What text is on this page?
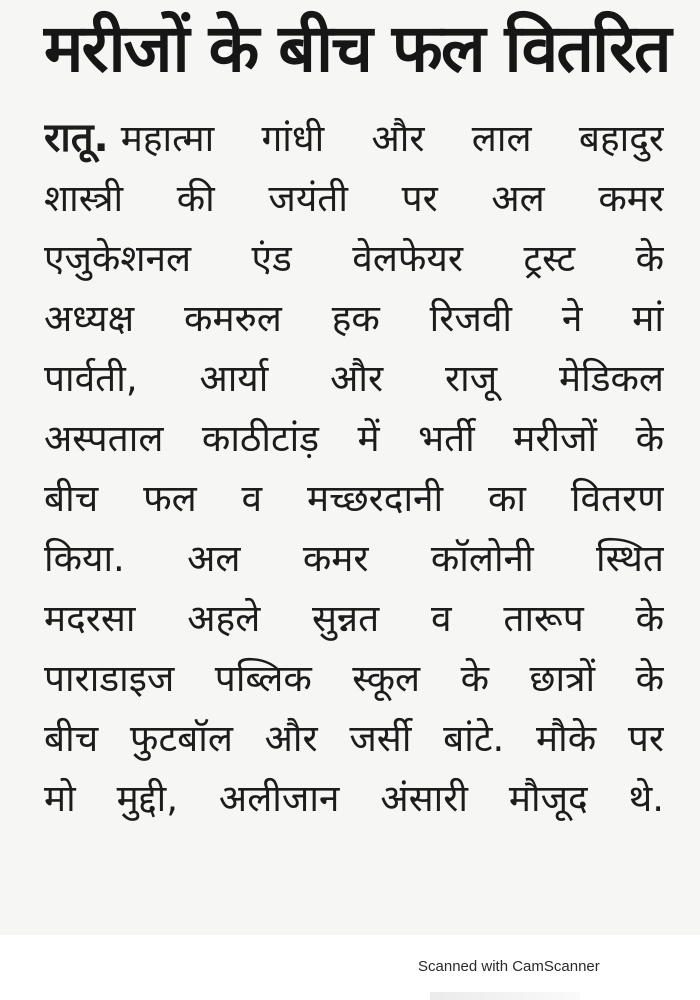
मरीजों के बीच फल वितरित
रातू. महात्मा गांधी और लाल बहादुर
शास्त्री की जयंती पर अल कमर
एजुकेशनल एंड वेलफेयर ट्रस्ट के
अध्यक्ष कमरुल हक रिजवी ने मां
पार्वती, आर्या और राजू मेडिकल
अस्पताल काठीटांड़ में भर्ती मरीजों के
बीच फल व मच्छरदानी का वितरण
किया. अल कमर कॉलोनी स्थित
मदरसा अहले सुन्नत व तारूप के
पाराडाइज पब्लिक स्कूल के छात्रों के
बीच फुटबॉल और जर्सी बांटे. मौके पर
मो मुद्दी, अलीजान अंसारी मौजूद थे.
Scanned with CamScanner
